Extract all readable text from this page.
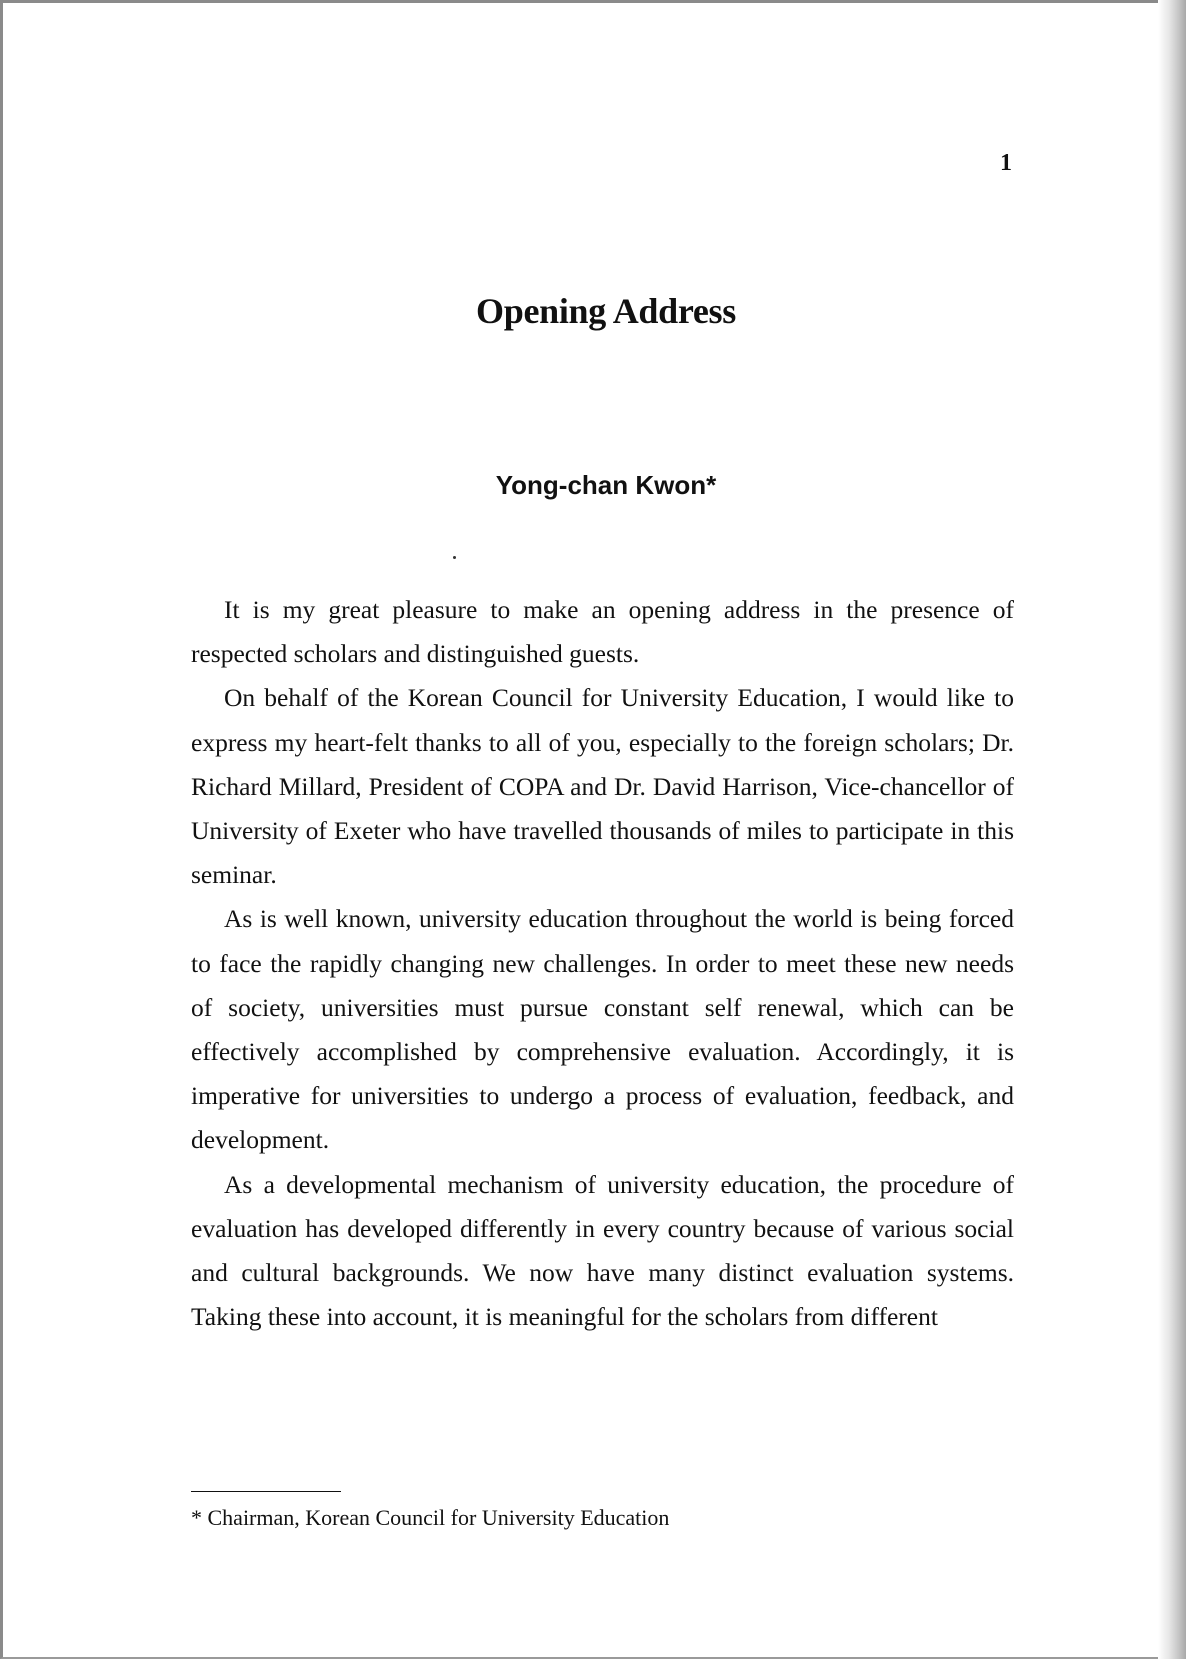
1
Opening Address
Yong-chan Kwon*

It is my great pleasure to make an opening address in the presence of respected scholars and distinguished guests.

On behalf of the Korean Council for University Education, I would like to express my heart-felt thanks to all of you, especially to the foreign scholars; Dr. Richard Millard, President of COPA and Dr. David Harrison, Vice-chancellor of University of Exeter who have travelled thousands of miles to participate in this seminar.

As is well known, university education throughout the world is being forced to face the rapidly changing new challenges. In order to meet these new needs of society, universities must pursue constant self renewal, which can be effectively accomplished by comprehensive evaluation. Accordingly, it is imperative for universities to undergo a process of evaluation, feedback, and development.

As a developmental mechanism of university education, the procedure of evaluation has developed differently in every country because of various social and cultural backgrounds. We now have many distinct evaluation systems. Taking these into account, it is meaningful for the scholars from different

* Chairman, Korean Council for University Education
